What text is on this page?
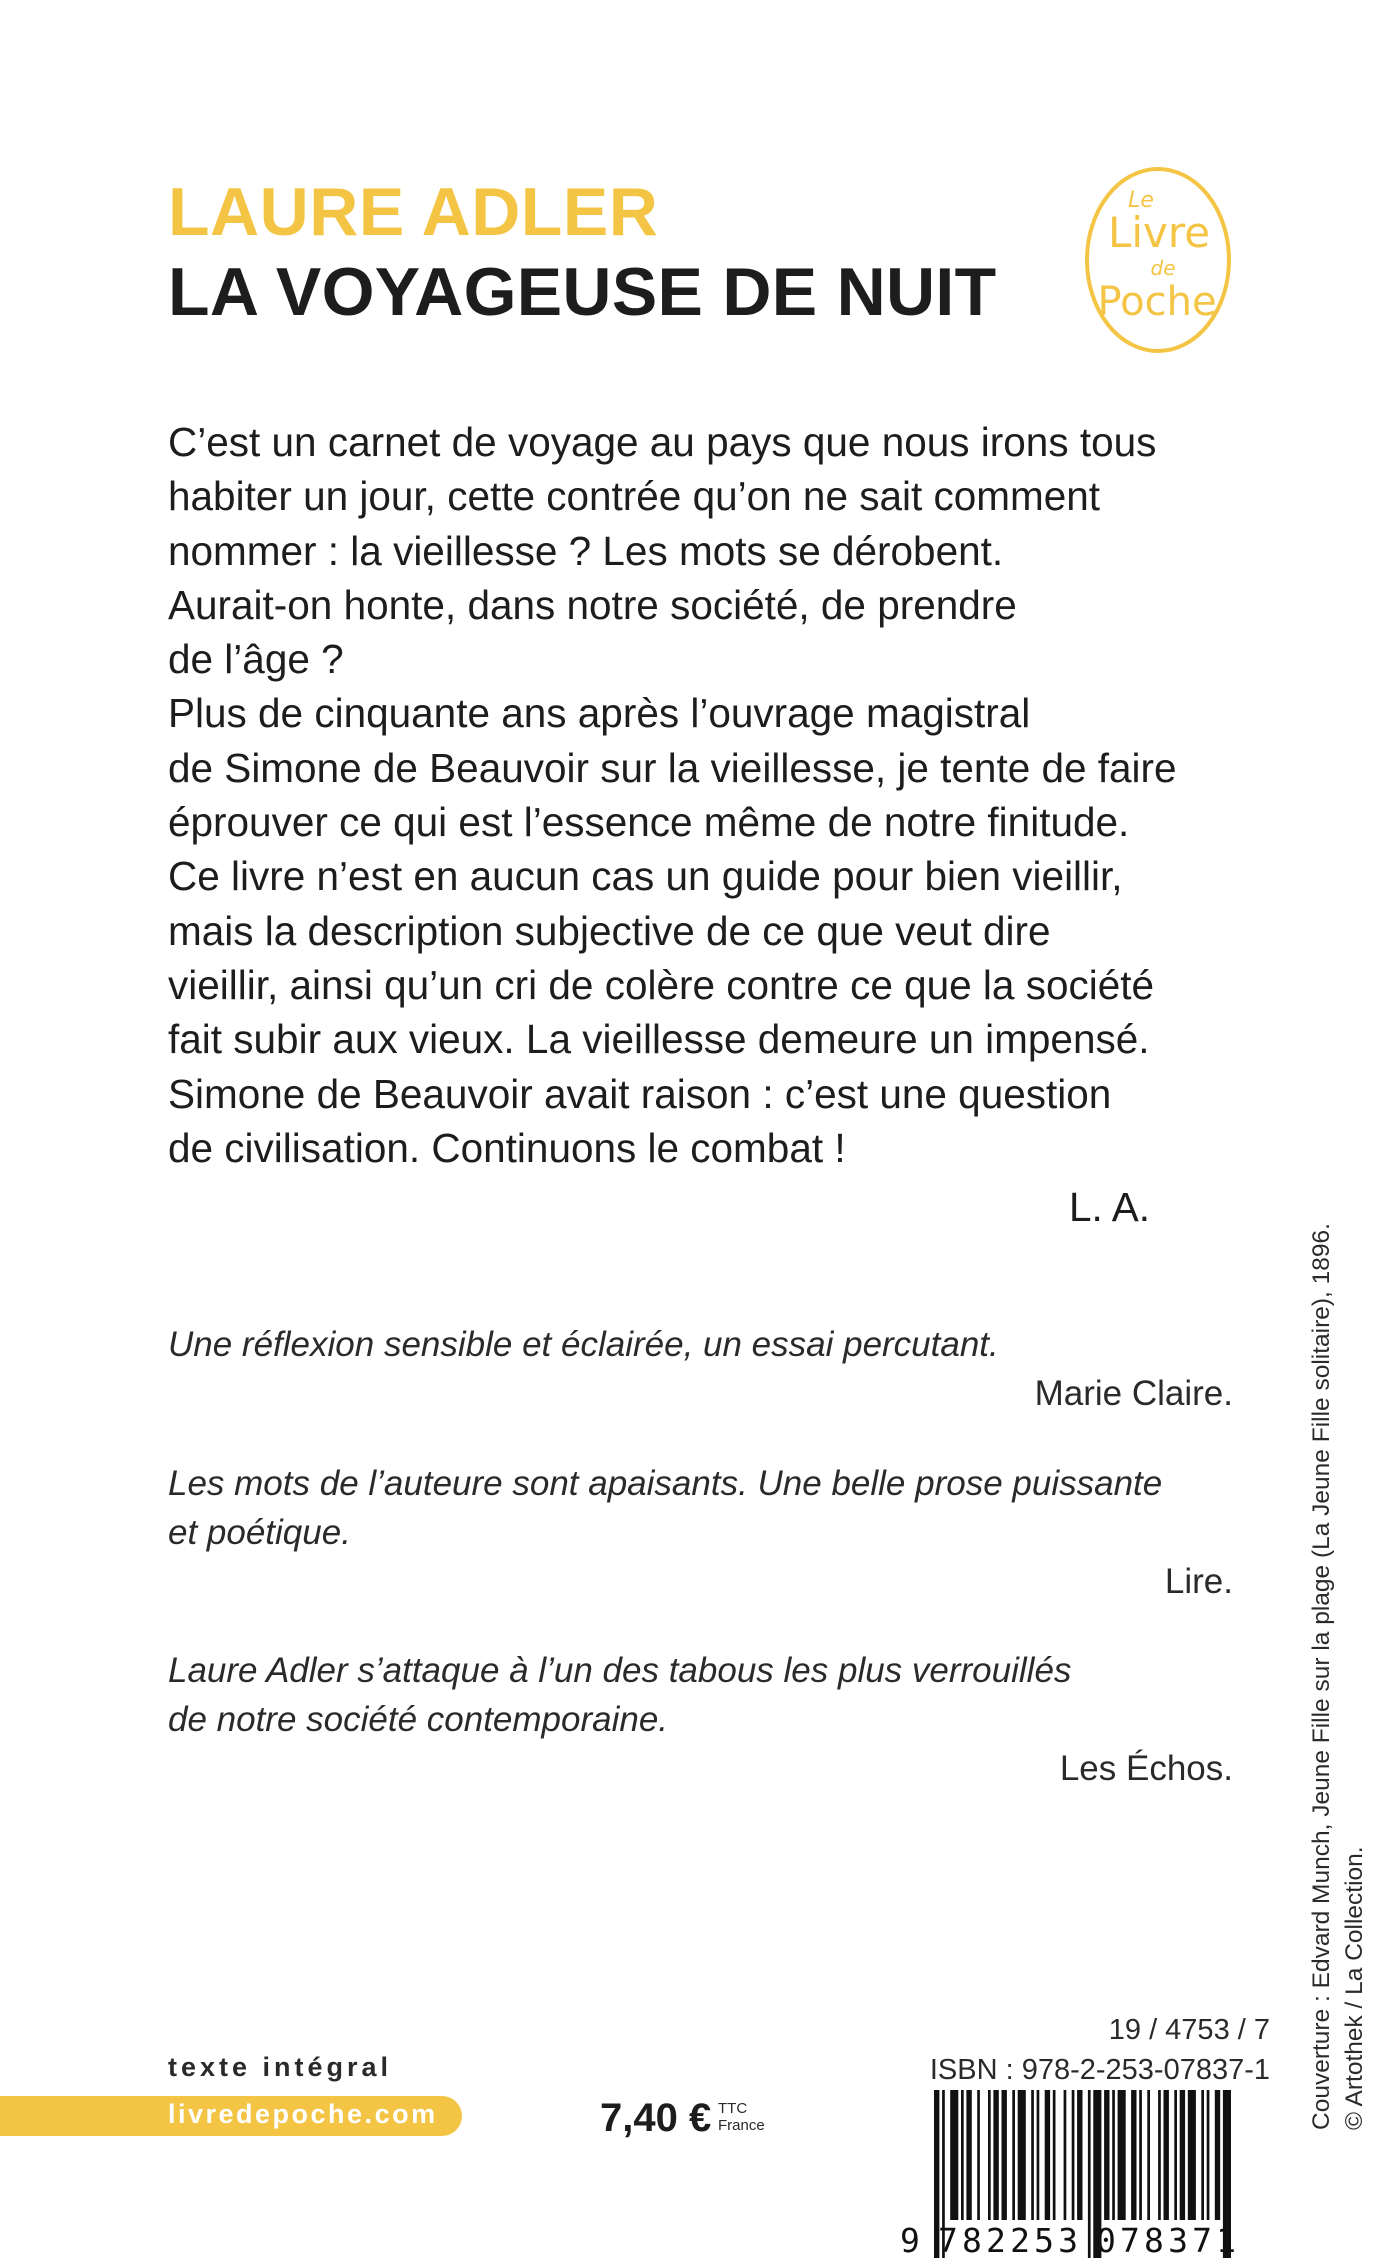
LAURE ADLER
LA VOYAGEUSE DE NUIT
Le
Livre
de
Poche
C’est un carnet de voyage au pays que nous irons tous
habiter un jour, cette contrée qu’on ne sait comment
nommer : la vieillesse ? Les mots se dérobent.
Aurait-on honte, dans notre société, de prendre
de l’âge ?
Plus de cinquante ans après l’ouvrage magistral
de Simone de Beauvoir sur la vieillesse, je tente de faire
éprouver ce qui est l’essence même de notre finitude.
Ce livre n’est en aucun cas un guide pour bien vieillir,
mais la description subjective de ce que veut dire
vieillir, ainsi qu’un cri de colère contre ce que la société
fait subir aux vieux. La vieillesse demeure un impensé.
Simone de Beauvoir avait raison : c’est une question
de civilisation. Continuons le combat !
L. A.
Une réflexion sensible et éclairée, un essai percutant.
Marie Claire.
Les mots de l’auteure sont apaisants. Une belle prose puissante
et poétique.
Lire.
Laure Adler s’attaque à l’un des tabous les plus verrouillés
de notre société contemporaine.
Les Échos.	Couverture : Edvard Munch, Jeune Fille sur la plage (La Jeune Fille solitaire), 1896. © Artothek / La Collection.
texte intégral
livredepoche.com	7,40 € TTC
France
19 / 4753 / 7
ISBN : 978-2-253-07837-1
9 782253 078371
